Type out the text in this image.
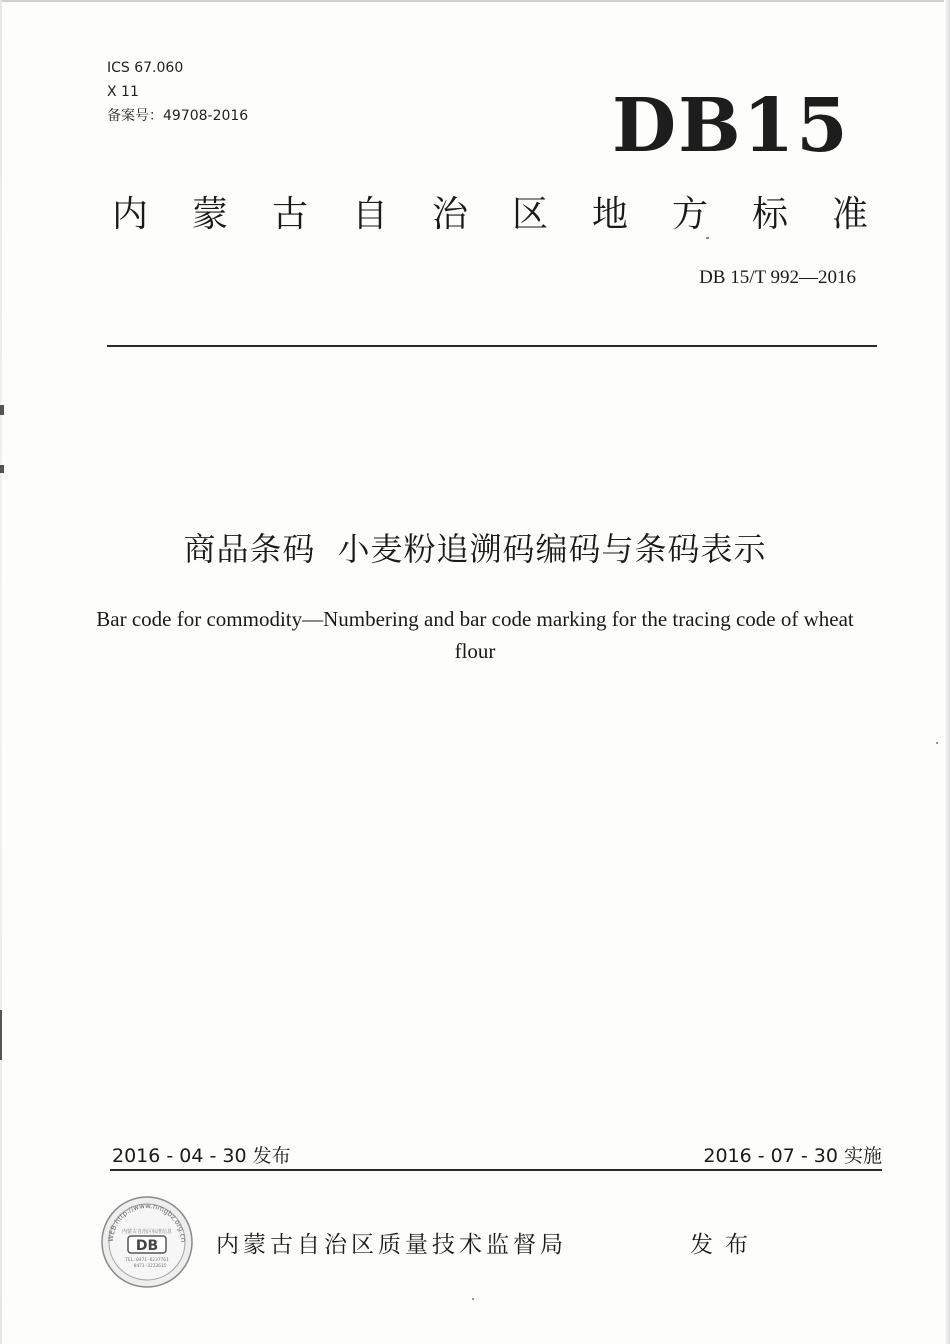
ICS 67.060
X 11
备案号：49708-2016	DB15
内 蒙 古 自 治 区 地 方 标 准
DB 15/T 992—2016
商品条码 小麦粉追溯码编码与条码表示
Bar code for commodity—Numbering and bar code marking for the tracing code of wheat flour
2016 - 04 - 30 发布	2016 - 07 - 30 实施
WEB:http://www.nmgbz.org.cn
内蒙古自治区标准信息
DB
TEL:0471-6237761
0471-3223615
内蒙古自治区质量技术监督局	发布
